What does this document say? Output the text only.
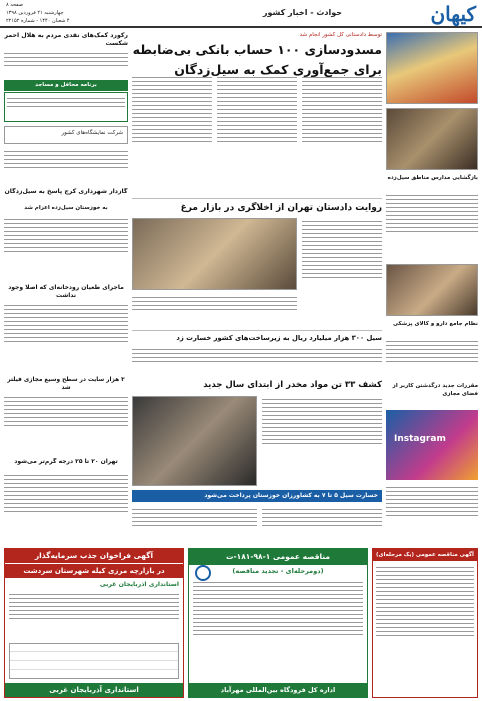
کیهان
حوادث - اخبار کشور
صفحه ۸
چهارشنبه ۲۱ فروردین ۱۳۹۸
۴ شعبان ۱۴۴۰ - شماره ۲۲۱۵۲
بازگشایی مدارس مناطق سیل‌زده
نظام جامع دارو و کالای پزشکی
مقررات جدید درگذشتن کاربر از فضای مجازی
Instagram
توسط دادستانی کل کشور انجام شد
مسدودسازی ۱۰۰ حساب بانکی بی‌ضابطه
برای جمع‌آوری کمک به سیل‌زدگان
روایت دادستان تهران از اخلاگری در بازار مرغ
سیل ۳۰۰ هزار میلیارد ریال به زیرساخت‌های کشور خسارت زد
کشف ۳۳ تن مواد مخدر از ابتدای سال جدید
خسارت سیل ۵ تا ۷ به کشاورزان خوزستان پرداخت می‌شود
رکورد کمک‌های نقدی مردم به هلال احمر شکست
برنامه محافل و مساجد
شرکت نمایشگاه‌های کشور
گازدار شهرداری کرج پاسخ به سیل‌زدگان
به خوزستان سیل‌زده اعزام شد
ماجرای طغیان رودخانه‌ای که اصلا وجود نداشت
۳ هزار سایت در سطح وسیع مجازی فیلتر شد
تهران ۲۰ تا ۲۵ درجه گرم‌تر می‌شود
آگهی فراخوان جذب سرمایه‌گذار
در بازارچه مرزی کیله شهرستان سردشت
استانداری آذربایجان غربی
استانداری آذربایجان غربی
مناقصه عمومی ۱-۹۸-۱۸۱-ت
(دومرحله‌ای - تجدید مناقصه)
اداره کل فرودگاه بین‌المللی مهرآباد
آگهی مناقصه عمومی (یک مرحله‌ای)
